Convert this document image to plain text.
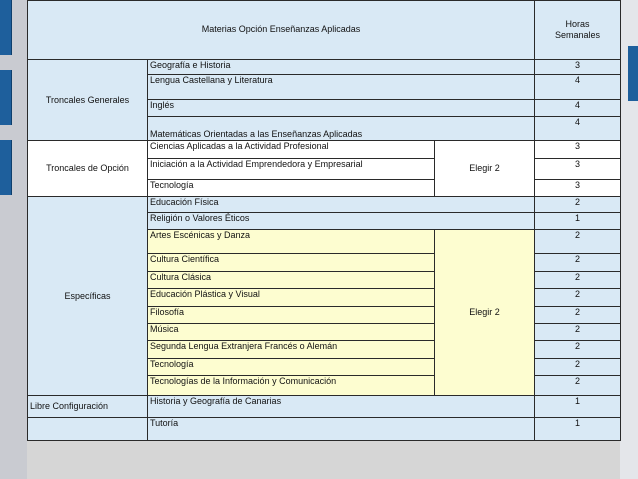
Materias Opción Enseñanzas Aplicadas			Horas
Semanales
Troncales Generales	Geografía e Historia		3
	Lengua Castellana y Literatura		4
	Inglés		4
	Matemáticas Orientadas a las Enseñanzas Aplicadas		4
Troncales de Opción	Ciencias Aplicadas a la Actividad Profesional	Elegir 2	3
	Iniciación a la Actividad Emprendedora y Empresarial		3
	Tecnología		3
Específicas	Educación Física		2
	Religión o Valores Éticos		1
	Artes Escénicas y Danza	Elegir 2	2
	Cultura Científica		2
	Cultura Clásica		2
	Educación Plástica y Visual		2
	Filosofía		2
	Música		2
	Segunda Lengua Extranjera Francés o Alemán		2
	Tecnología		2
	Tecnologías de la Información y Comunicación		2
Libre Configuración	Historia y Geografía de Canarias		1
	Tutoría		1
